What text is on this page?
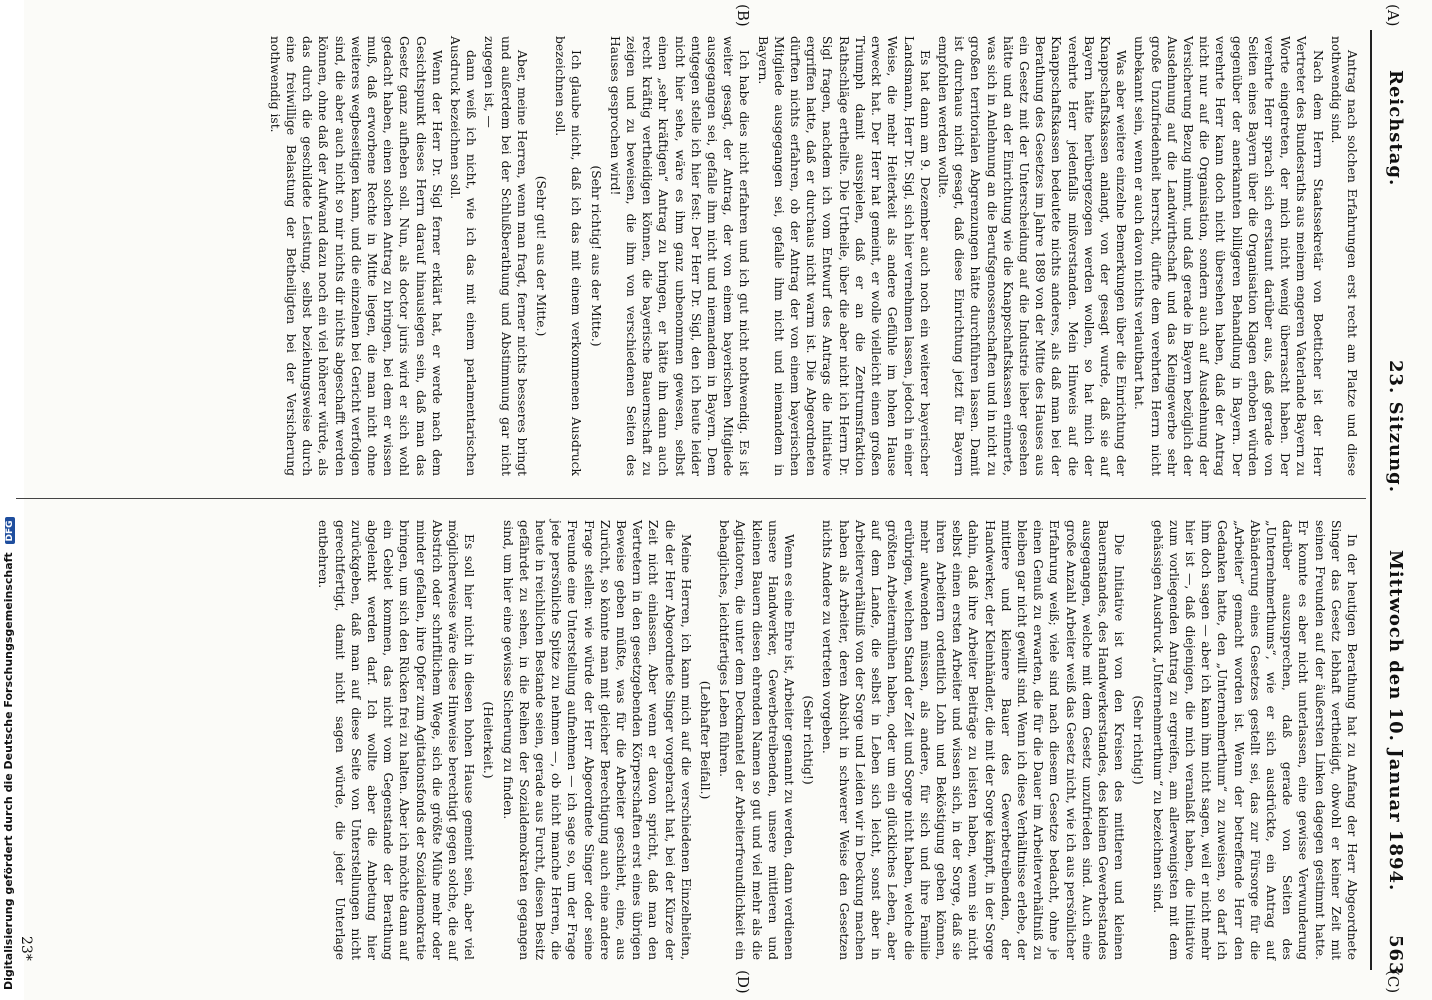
Digitalisierung gefördert durch die Deutsche Forschungsgemeinschaft DFG
Reichstag.
23. Sitzung.
Mittwoch den 10. Januar 1894.
563
(A)
(B)
(C)
(D)

Antrag nach solchen Erfahrungen erst recht am Platze und diese nothwendig sind.

Nach dem Herrn Staatssekretär von Boetticher ist der Herr Vertreter des Bundesraths aus meinem engeren Vaterlande Bayern zu Worte eingetreten, der mich nicht wenig überrascht haben. Der verehrte Herr sprach sich erstaunt darüber aus, daß gerade von Seiten eines Bayern über die Organisation Klagen erhoben würden gegenüber der anerkannten billigeren Behandlung in Bayern. Der verehrte Herr kann doch nicht übersehen haben, daß der Antrag nicht nur auf die Organisation, sondern auch auf Ausdehnung der Versicherung Bezug nimmt, und daß gerade in Bayern bezüglich der Ausdehnung auf die Landwirthschaft und das Kleingewerbe sehr große Unzufriedenheit herrscht, dürfte dem verehrten Herrn nicht unbekannt sein, wenn er auch davon nichts verlautbart hat.

Was aber weitere einzelne Bemerkungen über die Einrichtung der Knappschaftskassen anlangt, von der gesagt wurde, daß sie auf Bayern hätte herübergezogen werden wollen, so hat mich der verehrte Herr jedenfalls mißverstanden. Mein Hinweis auf die Knappschaftskassen bedeutete nichts anderes, als daß man bei der Berathung des Gesetzes im Jahre 1889 von der Mitte des Hauses aus ein Gesetz mit der Unterscheidung auf die Industrie lieber gesehen hätte und an der Einrichtung wie die Knappschaftskassen erinnerte, was sich in Anlehnung an die Berufsgenossenschaften und in nicht zu großen territorialen Abgrenzungen hätte durchführen lassen. Damit ist durchaus nicht gesagt, daß diese Einrichtung jetzt für Bayern empfohlen werden wollte.

Es hat dann am 9. Dezember auch noch ein weiterer bayerischer Landsmann, Herr Dr. Sigl, sich hier vernehmen lassen, jedoch in einer Weise, die mehr Heiterkeit als andere Gefühle im hohen Hause erweckt hat. Der Herr hat gemeint, er wolle vielleicht einen großen Triumph damit ausspielen, daß er an die Zentrumsfraktion Rathschläge ertheilte. Die Urtheile, über die aber nicht ich Herrn Dr. Sigl fragen, nachdem ich vom Entwurf des Antrags die Initiative ergriffen hatte, daß er durchaus nicht warm ist. Die Abgeordneten dürften nichts erfahren, ob der Antrag der von einem bayerischen Mitgliede ausgegangen sei, gefalle ihm nicht und niemandem in Bayern.

Ich habe dies nicht erfahren und ich gut nicht nothwendig. Es ist weiter gesagt, der Antrag, der von einem bayerischen Mitgliede ausgegangen sei, gefalle ihm nicht und niemandem in Bayern. Dem entgegen stelle ich hier fest: Der Herr Dr. Sigl, den ich heute leider nicht hier sehe, wäre es ihm ganz unbenommen gewesen, selbst einen „sehr kräftigen“ Antrag zu bringen, er hätte ihn dann auch recht kräftig vertheidigen können, die bayerische Bauernschaft zu zeigen und zu beweisen, die ihm von verschiedenen Seiten des Hauses gesprochen wird!

(Sehr richtig! aus der Mitte.)

Ich glaube nicht, daß ich das mit einem verkommenen Ausdruck bezeichnen soll.

(Sehr gut! aus der Mitte.)

Aber, meine Herren, wenn man fragt, ferner nichts besseres bringt und außerdem bei der Schlußberathung und Abstimmung gar nicht zugegen ist, —

dann weiß ich nicht, wie ich das mit einem parlamentarischen Ausdruck bezeichnen soll.

Wenn der Herr Dr. Sigl ferner erklärt hat, er werde nach dem Gesichtspunkt dieses Herrn darauf hinauslegen sein, daß man das Gesetz ganz aufheben soll. Nun, als doctor juris wird er sich wohl gedacht haben, einen solchen Antrag zu bringen, bei dem er wissen muß, daß erworbene Rechte in Mitte liegen, die man nicht ohne weiteres wegbeseitigen kann, und die einzelnen bei Gericht verfolgen sind, die aber auch nicht so mir nichts dir nichts abgeschafft werden können, ohne daß der Aufwand dazu noch ein viel höherer würde, als das durch die geschildete Leistung, selbst beziehungsweise durch eine freiwillige Belastung der Betheiligten bei der Versicherung nothwendig ist.

In der heutigen Berathung hat zu Anfang der Herr Abgeordnete Singer das Gesetz lebhaft vertheidigt, obwohl er keiner Zeit mit seinen Freunden auf der äußersten Linken dagegen gestimmt hatte. Er konnte es aber nicht unterlassen, eine gewisse Verwunderung darüber auszusprechen, daß gerade von Seiten des „Unternehmerthums“, wie er sich ausdrückte, ein Antrag auf Abänderung eines Gesetzes gestellt sei, das zur Fürsorge für die „Arbeiter“ gemacht worden ist. Wenn der betreffende Herr den Gedanken hatte, den „Unternehmerthum“ zu zuweisen, so darf ich ihm doch sagen — aber ich kann ihm nicht sagen, weil er nicht mehr hier ist —, daß diejenigen, die mich veranlaßt haben, die Initiative zum vorliegenden Antrag zu ergreifen, am allerwenigsten mit dem gehässigen Ausdruck „Unternehmerthum“ zu bezeichnen sind.

(Sehr richtig!)

Die Initiative ist von den Kreisen des mittleren und kleinen Bauernstandes, des Handwerkerstandes, des kleinen Gewerbestandes ausgegangen, welche mit dem Gesetz unzufrieden sind. Auch eine große Anzahl Arbeiter weiß das Gesetz nicht, wie ich aus persönlicher Erfahrung weiß; viele sind nach diesem Gesetze bedacht, ohne je einen Genuß zu erwarten, die für die Dauer im Arbeiterverhältniß zu bleiben gar nicht gewillt sind. Wenn ich diese Verhältnisse erlebe, der mittlere und kleinere Bauer des Gewerbetreibenden, der Handwerker, der Kleinhändler, die mit der Sorge kämpft, in der Sorge dahin, daß ihre Arbeiter Beiträge zu leisten haben, wenn sie nicht selbst einen ersten Arbeiter und wissen sich, in der Sorge, daß sie ihren Arbeitern ordentlich Lohn und Beköstigung geben können, mehr aufwenden müssen, als andere, für sich und ihre Familie erübrigen, welchen Stand der Zeit und Sorge nicht haben, welche die größten Arbeitermühen haben, oder um ein glückliches Leben, aber auf dem Lande, die selbst in Leben sich leicht, sonst aber in Arbeiterverhältniß von der Sorge und Leiden wir in Deckung machen haben als Arbeiter, deren Absicht in schwerer Weise den Gesetzen nichts Andere zu vertreten vorgeben.

(Sehr richtig!)

Wenn es eine Ehre ist, Arbeiter genannt zu werden, dann verdienen unsere Handwerker, Gewerbetreibenden, unsere mittleren und kleinen Bauern diesen ehrenden Namen so gut und viel mehr als die Agitatoren, die unter dem Deckmantel der Arbeiterfreundlichkeit ein behagliches, leichtfertiges Leben führen.

(Lebhafter Beifall.)

Meine Herren, ich kann mich auf die verschiedenen Einzelheiten, die der Herr Abgeordnete Singer vorgebracht hat, bei der Kürze der Zeit nicht einlassen. Aber wenn er davon spricht, daß man den Vertretern in den gesetzgebenden Körperschaften erst eines übrigen Beweise geben müßte, was für die Arbeiter geschieht, eine, aus Zurücht, so könnte man mit gleicher Berechtigung auch eine andere Frage stellen: wie würde der Herr Abgeordnete Singer oder seine Freunde eine Unterstellung aufnehmen — ich sage so, um der Frage jede persönliche Spitze zu nehmen —, ob nicht manche Herren, die heute in reichlichen Bestande seien, gerade aus Furcht, diesen Besitz gefährdet zu sehen, in die Reihen der Sozialdemokraten gegangen sind, um hier eine gewisse Sicherung zu finden.

(Heiterkeit.)

Es soll hier nicht in diesen hohen Hause gemeint sein, aber viel möglicherweise wäre diese Hinweise berechtigt gegen solche, die auf Abstrich oder schriftlichem Wege, sich die größte Mühe mehr oder minder gefallen, ihre Opfer zum Agitationsfonds der Sozialdemokratie bringen, um sich den Rücken frei zu halten. Aber ich möchte dann auf ein Gebiet kommen, das nicht vom Gegenstande der Berathung abgelenkt werden darf. Ich wollte aber die Anbetung hier zurückgeben, daß man auf diese Seite von Unterstellungen nicht gerechtfertigt, damit nicht sagen würde, die jeder Unterlage entbehren.

23*
